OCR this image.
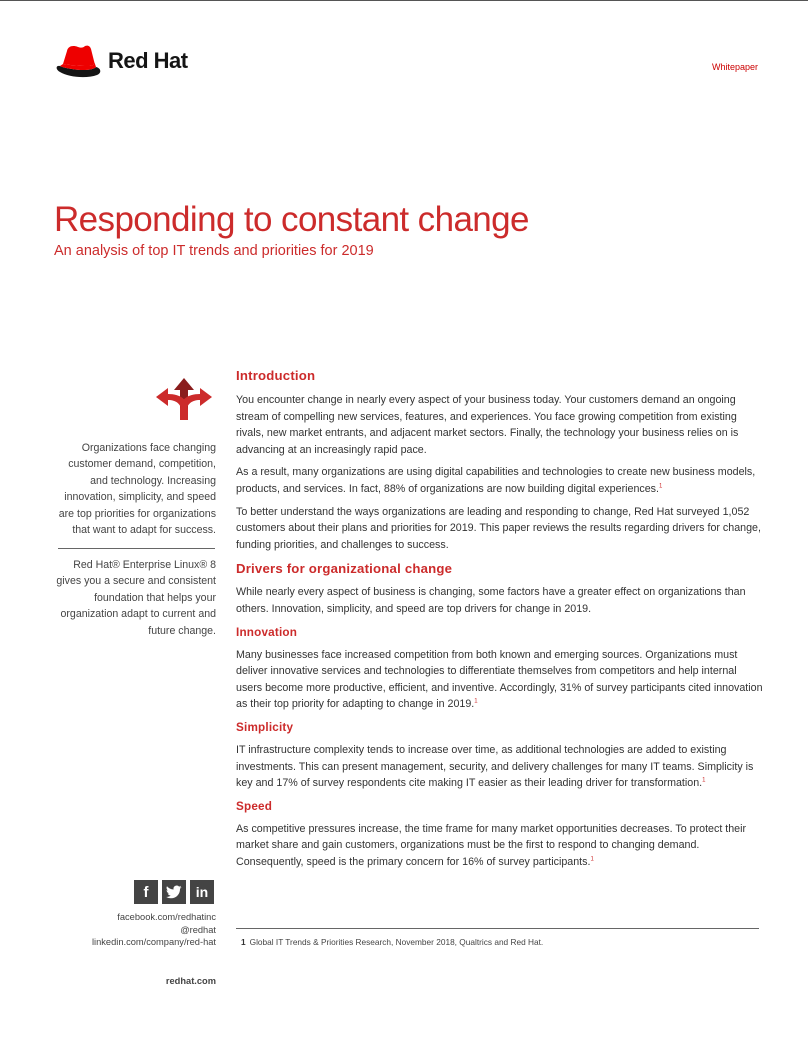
Red Hat	Whitepaper
Responding to constant change
An analysis of top IT trends and priorities for 2019
Organizations face changing customer demand, competition, and technology. Increasing innovation, simplicity, and speed are top priorities for organizations that want to adapt for success.
Red Hat® Enterprise Linux® 8 gives you a secure and consistent foundation that helps your organization adapt to current and future change.
f	in
facebook.com/redhatinc
@redhat
linkedin.com/company/red-hat
redhat.com
Introduction

You encounter change in nearly every aspect of your business today. Your customers demand an ongoing stream of compelling new services, features, and experiences. You face growing competition from existing rivals, new market entrants, and adjacent market sectors. Finally, the technology your business relies on is advancing at an increasingly rapid pace.

As a result, many organizations are using digital capabilities and technologies to create new business models, products, and services. In fact, 88% of organizations are now building digital experiences.$^1$

To better understand the ways organizations are leading and responding to change, Red Hat surveyed 1,052 customers about their plans and priorities for 2019. This paper reviews the results regarding drivers for change, funding priorities, and challenges to success.

Drivers for organizational change

While nearly every aspect of business is changing, some factors have a greater effect on organizations than others. Innovation, simplicity, and speed are top drivers for change in 2019.

Innovation

Many businesses face increased competition from both known and emerging sources. Organizations must deliver innovative services and technologies to differentiate themselves from competitors and help internal users become more productive, efficient, and inventive. Accordingly, 31% of survey participants cited innovation as their top priority for adapting to change in 2019.$^1$

Simplicity

IT infrastructure complexity tends to increase over time, as additional technologies are added to existing investments. This can present management, security, and delivery challenges for many IT teams. Simplicity is key and 17% of survey respondents cite making IT easier as their leading driver for transformation.$^1$

Speed

As competitive pressures increase, the time frame for many market opportunities decreases. To protect their market share and gain customers, organizations must be the first to respond to changing demand. Consequently, speed is the primary concern for 16% of survey participants.$^1$

1 Global IT Trends & Priorities Research, November 2018, Qualtrics and Red Hat.
